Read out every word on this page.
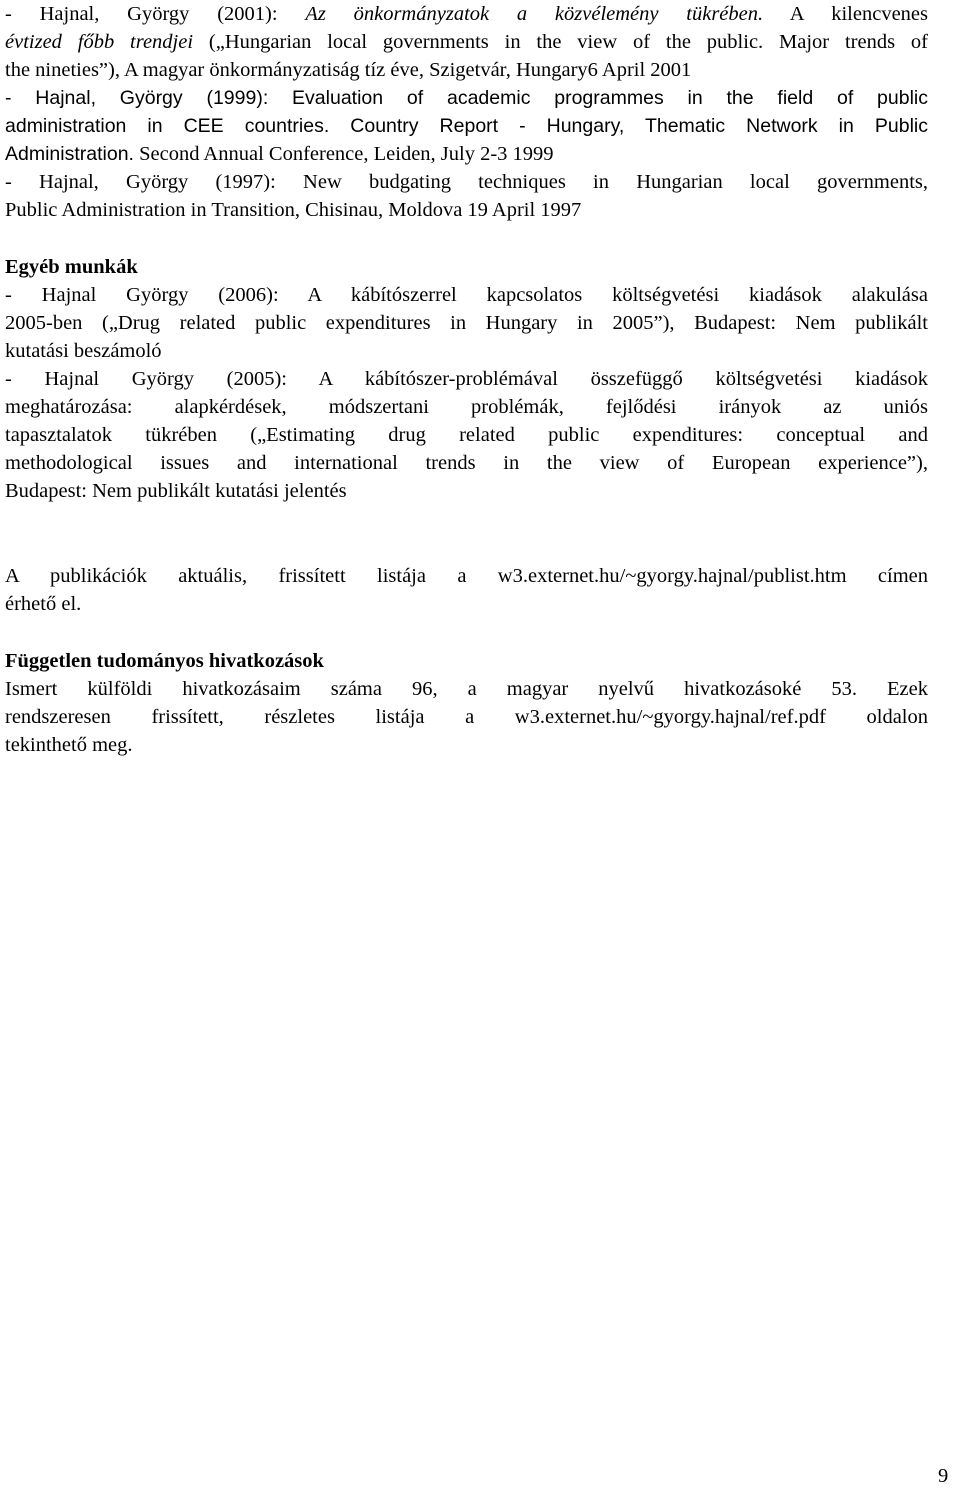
- Hajnal, György (2001): Az önkormányzatok a közvélemény tükrében. A kilencvenes
évtized főbb trendjei („Hungarian local governments in the view of the public. Major trends of
the nineties”), A magyar önkormányzatiság tíz éve, Szigetvár, Hungary6 April 2001
- Hajnal, György (1999): Evaluation of academic programmes in the field of public
administration in CEE countries. Country Report - Hungary, Thematic Network in Public
Administration. Second Annual Conference, Leiden, July 2-3 1999
- Hajnal, György (1997): New budgating techniques in Hungarian local governments,
Public Administration in Transition, Chisinau, Moldova 19 April 1997
Egyéb munkák
- Hajnal György (2006): A kábítószerrel kapcsolatos költségvetési kiadások alakulása
2005-ben („Drug related public expenditures in Hungary in 2005”), Budapest: Nem publikált
kutatási beszámoló
- Hajnal György (2005): A kábítószer-problémával összefüggő költségvetési kiadások
meghatározása: alapkérdések, módszertani problémák, fejlődési irányok az uniós
tapasztalatok tükrében („Estimating drug related public expenditures: conceptual and
methodological issues and international trends in the view of European experience”),
Budapest: Nem publikált kutatási jelentés
A publikációk aktuális, frissített listája a w3.externet.hu/~gyorgy.hajnal/publist.htm címen
érhető el.
Független tudományos hivatkozások
Ismert külföldi hivatkozásaim száma 96, a magyar nyelvű hivatkozásoké 53. Ezek
rendszeresen frissített, részletes listája a w3.externet.hu/~gyorgy.hajnal/ref.pdf oldalon
tekinthető meg.
9
